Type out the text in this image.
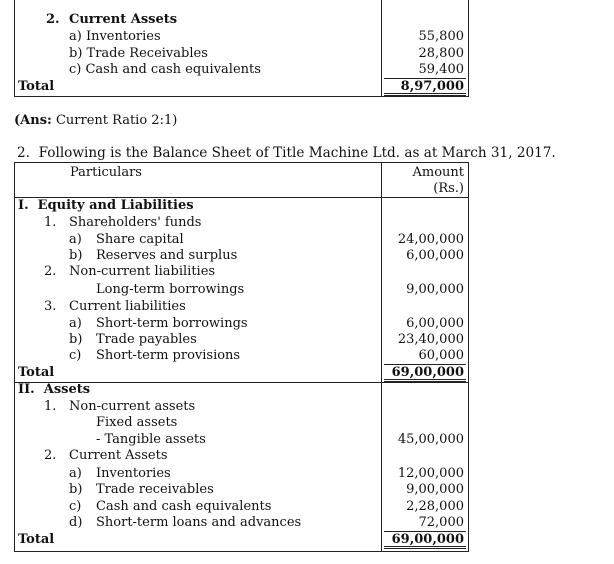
2. Current Assets
a) Inventories	55,800
b) Trade Receivables	28,800
c) Cash and cash equivalents	59,400
Total	8,97,000
(Ans: Current Ratio 2:1)
2.  Following is the Balance Sheet of Title Machine Ltd. as at March 31, 2017.
Particulars	Amount
(Rs.)
I.  Equity and Liabilities
1. Shareholders' funds
a) Share capital	24,00,000
b) Reserves and surplus	6,00,000
2. Non-current liabilities
Long-term borrowings	9,00,000
3. Current liabilities
a) Short-term borrowings	6,00,000
b) Trade payables	23,40,000
c) Short-term provisions	60,000
Total	69,00,000
II.  Assets
1. Non-current assets
Fixed assets
- Tangible assets	45,00,000
2. Current Assets
a) Inventories	12,00,000
b) Trade receivables	9,00,000
c) Cash and cash equivalents	2,28,000
d) Short-term loans and advances	72,000
Total	69,00,000
